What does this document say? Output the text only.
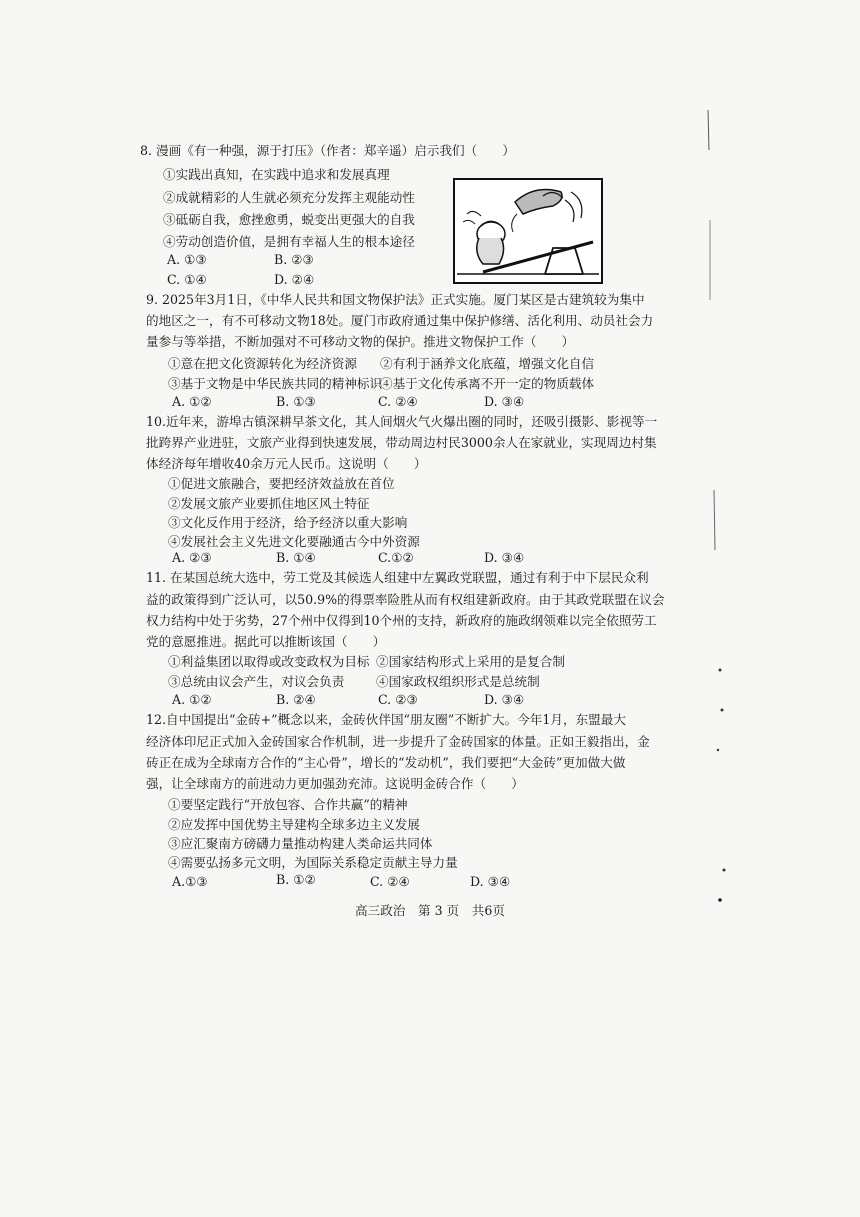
8. 漫画《有一种强，源于打压》（作者：郑辛遥）启示我们（　　）
①实践出真知，在实践中追求和发展真理
②成就精彩的人生就必须充分发挥主观能动性
③砥砺自我，愈挫愈勇，蜕变出更强大的自我
④劳动创造价值，是拥有幸福人生的根本途径
A. ①③	B. ②③
C. ①④	D. ②④
9. 2025年3月1日，《中华人民共和国文物保护法》正式实施。厦门某区是古建筑较为集中
的地区之一，有不可移动文物18处。厦门市政府通过集中保护修缮、活化利用、动员社会力
量参与等举措，不断加强对不可移动文物的保护。推进文物保护工作（　　）
①意在把文化资源转化为经济资源 ②有利于涵养文化底蕴，增强文化自信
③基于文物是中华民族共同的精神标识
④基于文化传承离不开一定的物质载体
A. ①②	B. ①③	C. ②④	D. ③④
10.近年来，游埠古镇深耕早茶文化，其人间烟火气火爆出圈的同时，还吸引摄影、影视等一
批跨界产业进驻，文旅产业得到快速发展，带动周边村民3000余人在家就业，实现周边村集
体经济每年增收40余万元人民币。这说明（　　）
①促进文旅融合，要把经济效益放在首位
②发展文旅产业要抓住地区风土特征
③文化反作用于经济，给予经济以重大影响
④发展社会主义先进文化要融通古今中外资源
A. ②③	B. ①④	C.①②	D. ③④
11. 在某国总统大选中，劳工党及其候选人组建中左翼政党联盟，通过有利于中下层民众利
益的政策得到广泛认可，以50.9%的得票率险胜从而有权组建新政府。由于其政党联盟在议会
权力结构中处于劣势，27个州中仅得到10个州的支持，新政府的施政纲领难以完全依照劳工
党的意愿推进。据此可以推断该国（　　）
①利益集团以取得或改变政权为目标 ②国家结构形式上采用的是复合制
③总统由议会产生，对议会负责	④国家政权组织形式是总统制
A. ①②	B. ②④	C. ②③	D. ③④
12.自中国提出“金砖+”概念以来，金砖伙伴国“朋友圈”不断扩大。今年1月，东盟最大
经济体印尼正式加入金砖国家合作机制，进一步提升了金砖国家的体量。正如王毅指出，金
砖正在成为全球南方合作的“主心骨”，增长的“发动机”，我们要把“大金砖”更加做大做
强，让全球南方的前进动力更加强劲充沛。这说明金砖合作（　　）
①要坚定践行“开放包容、合作共赢”的精神
②应发挥中国优势主导建构全球多边主义发展
③应汇聚南方磅礴力量推动构建人类命运共同体
④需要弘扬多元文明，为国际关系稳定贡献主导力量
A.①③	B. ①②	C. ②④	D. ③④
高三政治　第 3 页　共6页
